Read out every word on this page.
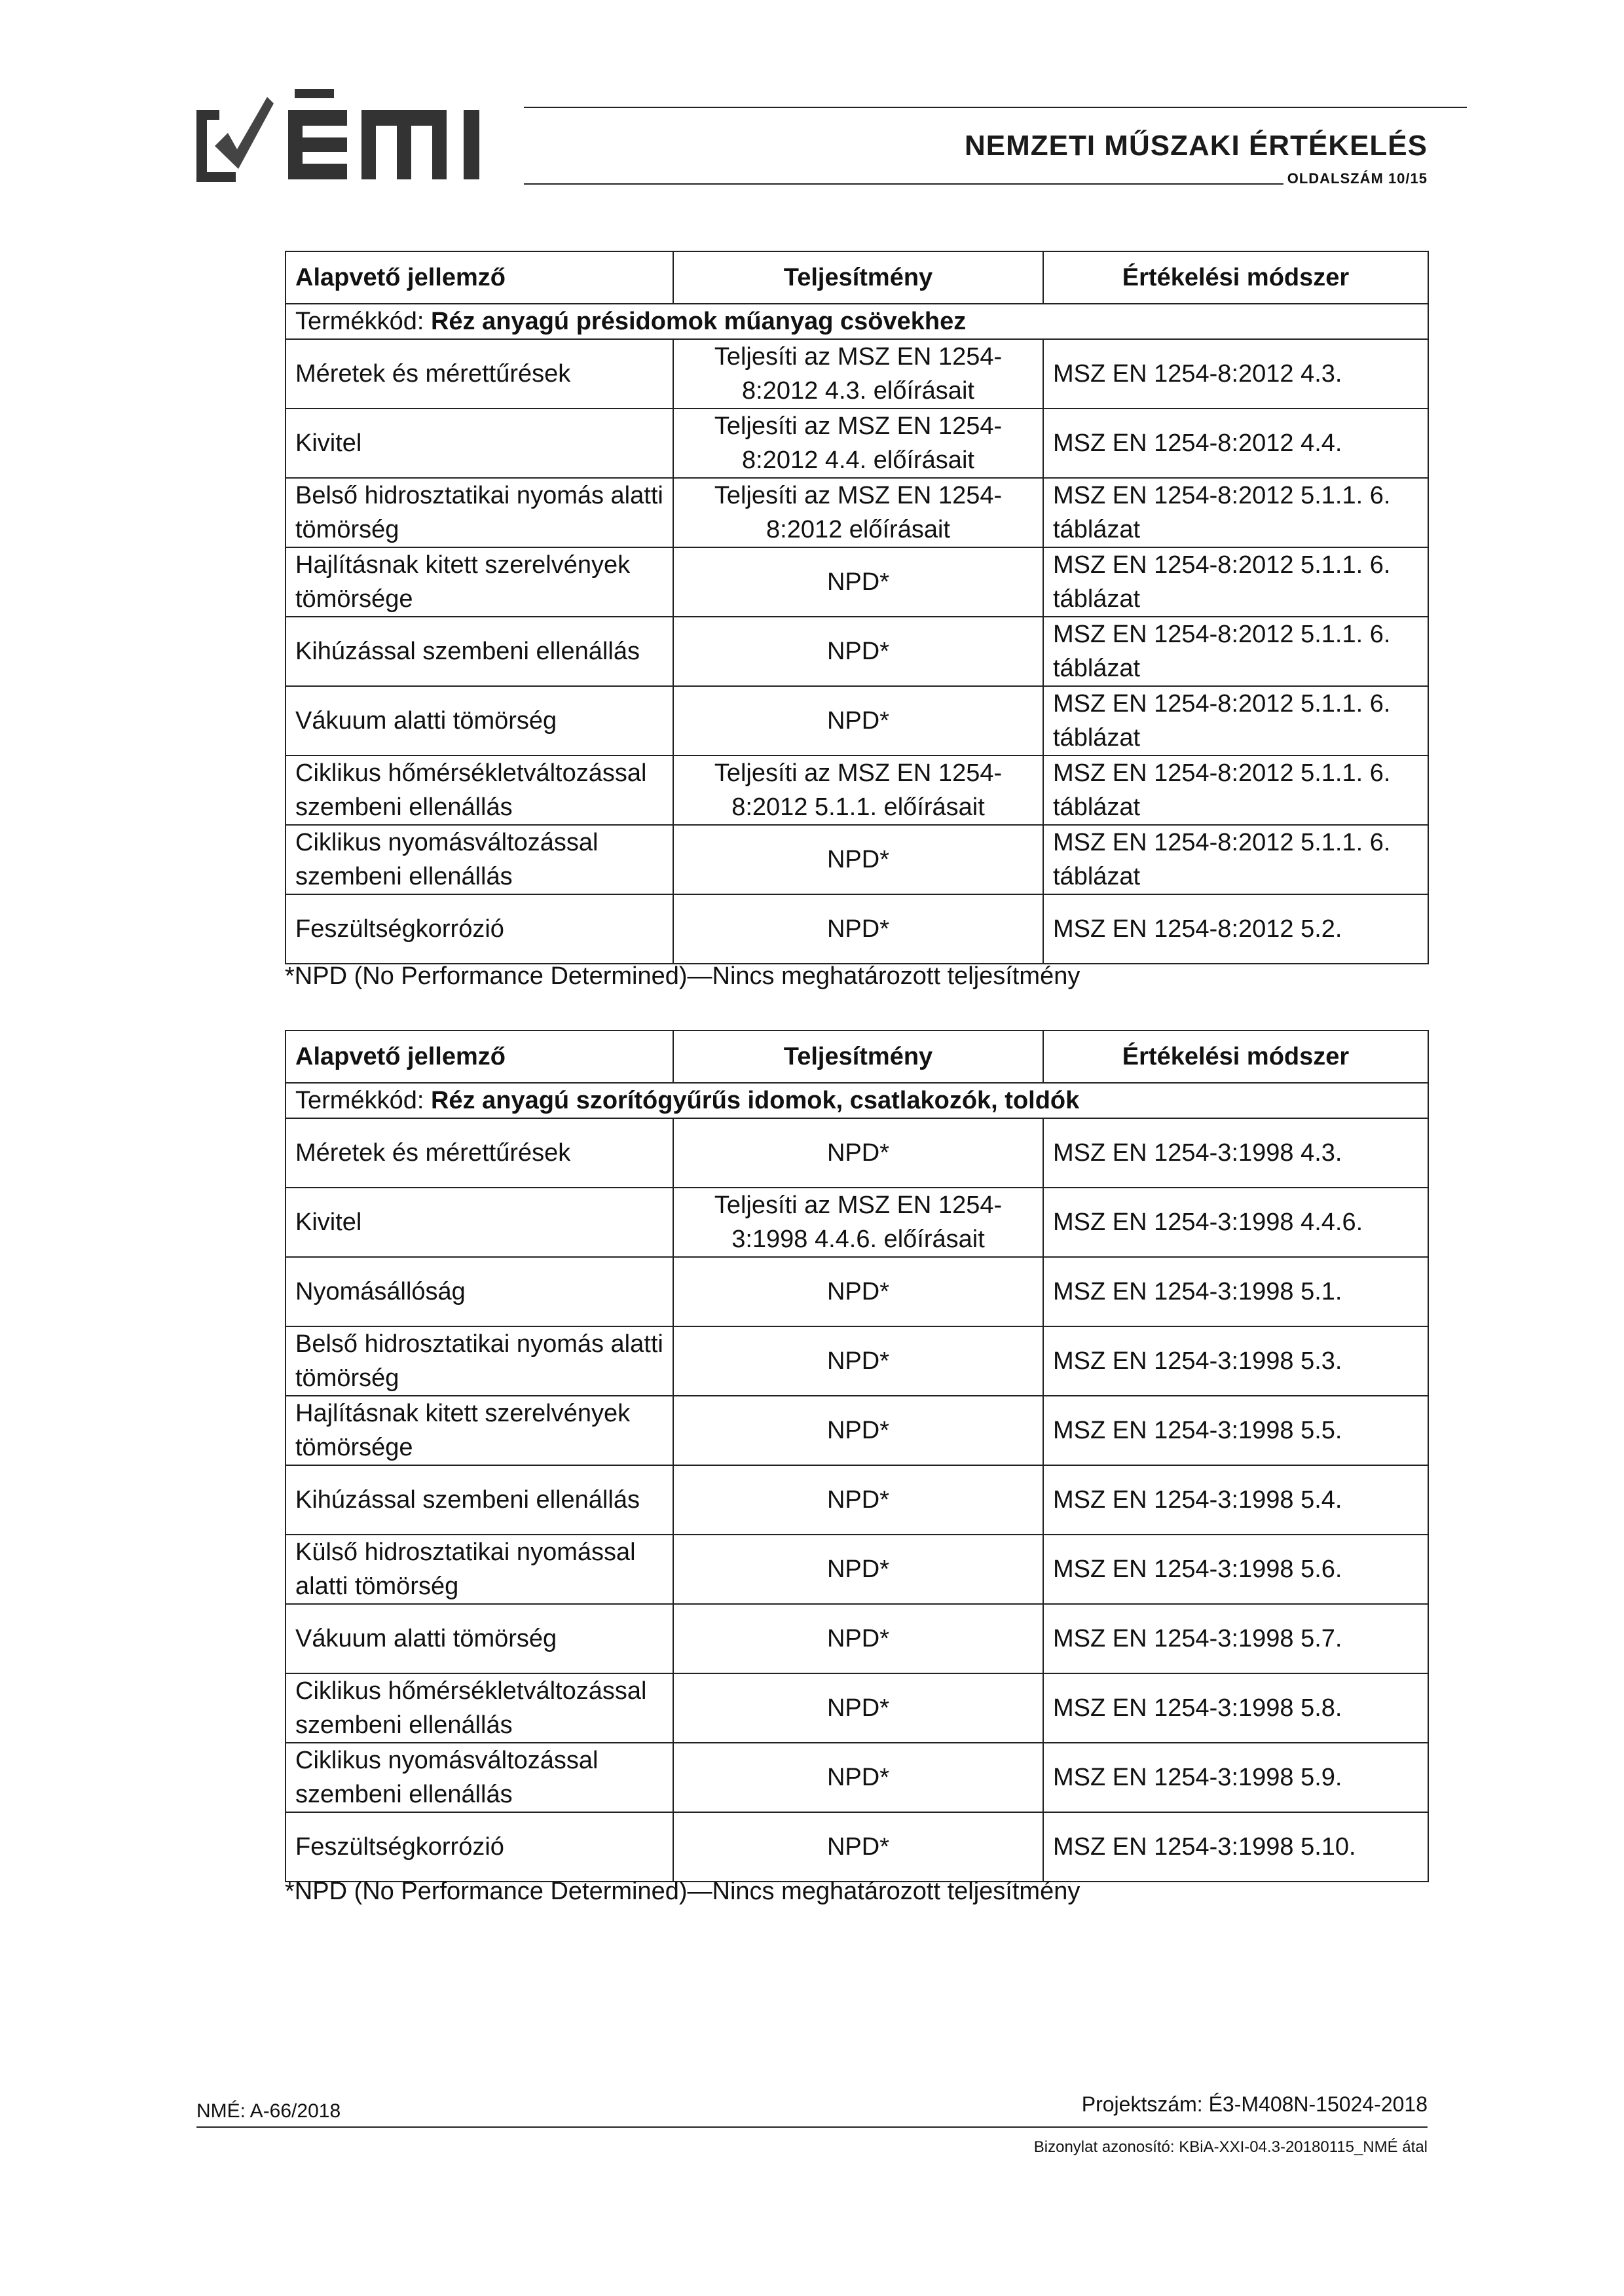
NEMZETI MŰSZAKI ÉRTÉKELÉS
OLDALSZÁM 10/15
Alapvető jellemző	Teljesítmény	Értékelési módszer
Termékkód: Réz anyagú présidomok műanyag csövekhez		
Méretek és mérettűrések	Teljesíti az MSZ EN 1254-8:2012 4.3. előírásait	MSZ EN 1254-8:2012 4.3.
Kivitel	Teljesíti az MSZ EN 1254-8:2012 4.4. előírásait	MSZ EN 1254-8:2012 4.4.
Belső hidrosztatikai nyomás alatti tömörség	Teljesíti az MSZ EN 1254-8:2012 előírásait	MSZ EN 1254-8:2012 5.1.1. 6. táblázat
Hajlításnak kitett szerelvények tömörsége	NPD*	MSZ EN 1254-8:2012 5.1.1. 6. táblázat
Kihúzással szembeni ellenállás	NPD*	MSZ EN 1254-8:2012 5.1.1. 6. táblázat
Vákuum alatti tömörség	NPD*	MSZ EN 1254-8:2012 5.1.1. 6. táblázat
Ciklikus hőmérsékletváltozással szembeni ellenállás	Teljesíti az MSZ EN 1254-8:2012 5.1.1. előírásait	MSZ EN 1254-8:2012 5.1.1. 6. táblázat
Ciklikus nyomásváltozással szembeni ellenállás	NPD*	MSZ EN 1254-8:2012 5.1.1. 6. táblázat
Feszültségkorrózió	NPD*	MSZ EN 1254-8:2012 5.2.
*NPD (No Performance Determined)—Nincs meghatározott teljesítmény
Alapvető jellemző	Teljesítmény	Értékelési módszer
Termékkód: Réz anyagú szorítógyűrűs idomok, csatlakozók, toldók		
Méretek és mérettűrések	NPD*	MSZ EN 1254-3:1998 4.3.
Kivitel	Teljesíti az MSZ EN 1254-3:1998 4.4.6. előírásait	MSZ EN 1254-3:1998 4.4.6.
Nyomásállóság	NPD*	MSZ EN 1254-3:1998 5.1.
Belső hidrosztatikai nyomás alatti tömörség	NPD*	MSZ EN 1254-3:1998 5.3.
Hajlításnak kitett szerelvények tömörsége	NPD*	MSZ EN 1254-3:1998 5.5.
Kihúzással szembeni ellenállás	NPD*	MSZ EN 1254-3:1998 5.4.
Külső hidrosztatikai nyomással alatti tömörség	NPD*	MSZ EN 1254-3:1998 5.6.
Vákuum alatti tömörség	NPD*	MSZ EN 1254-3:1998 5.7.
Ciklikus hőmérsékletváltozással szembeni ellenállás	NPD*	MSZ EN 1254-3:1998 5.8.
Ciklikus nyomásváltozással szembeni ellenállás	NPD*	MSZ EN 1254-3:1998 5.9.
Feszültségkorrózió	NPD*	MSZ EN 1254-3:1998 5.10.
*NPD (No Performance Determined)—Nincs meghatározott teljesítmény
NMÉ: A-66/2018	Projektszám: É3-M408N-15024-2018
Bizonylat azonosító: KBiA-XXI-04.3-20180115_NMÉ átal
